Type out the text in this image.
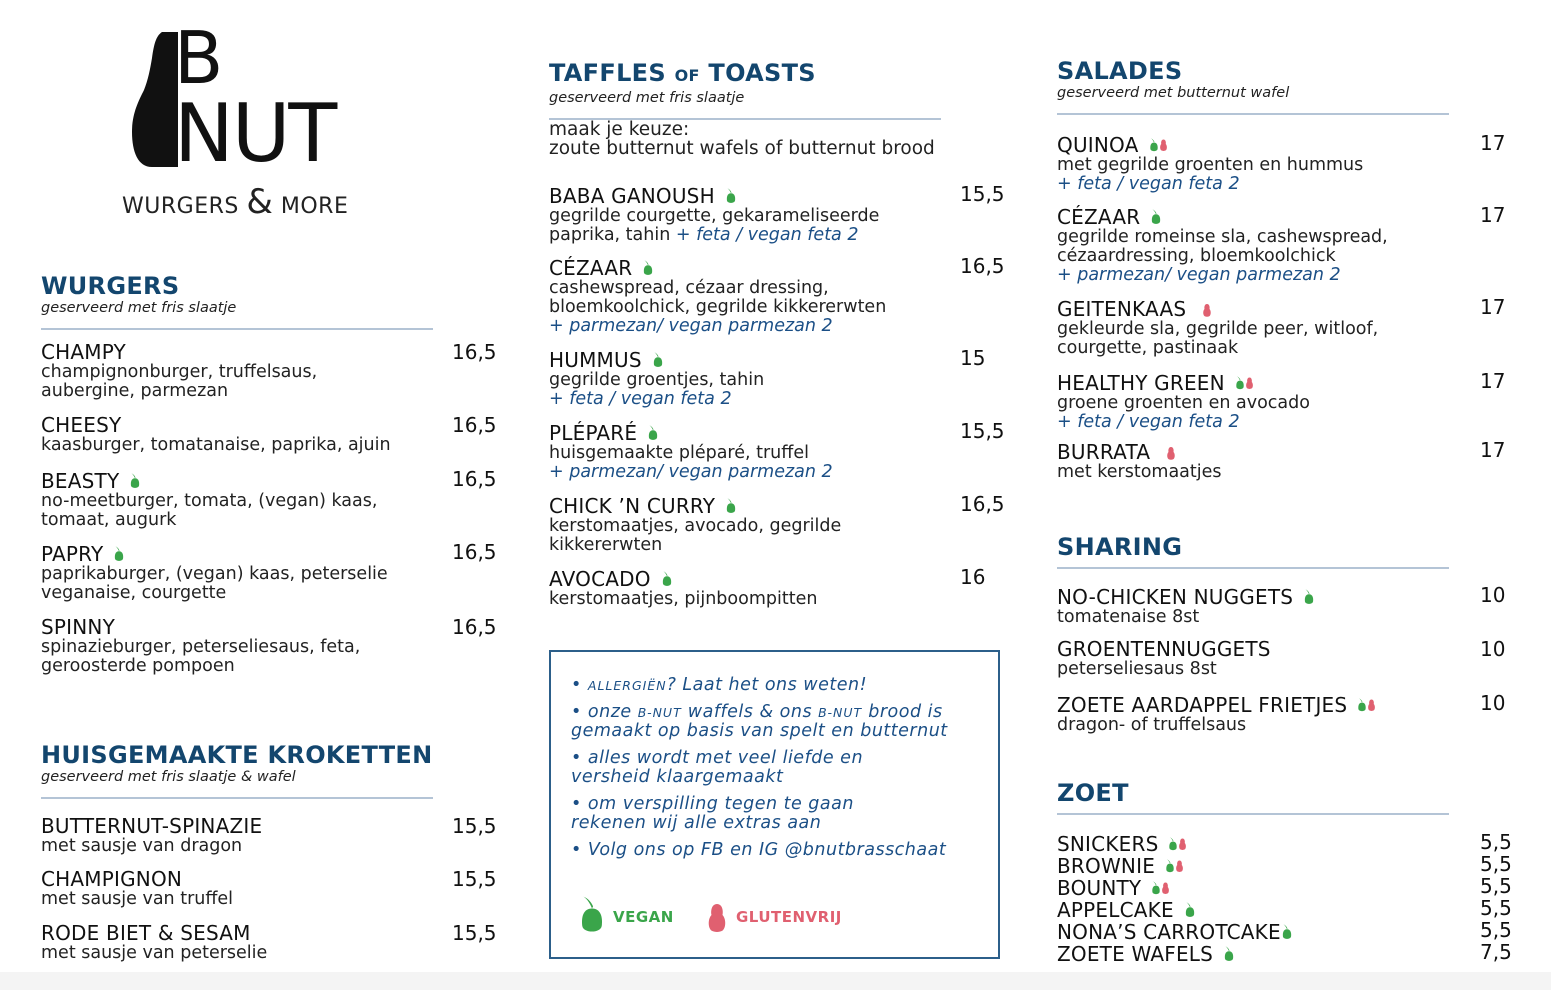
B
NUT
WURGERS & MORE
WURGERS
geserveerd met fris slaatje
CHAMPY
champignonburger, truffelsaus,
aubergine, parmezan
16,5
CHEESY
kaasburger, tomatanaise, paprika, ajuin
16,5
BEASTY
no-meetburger, tomata, (vegan) kaas,
tomaat, augurk
16,5
PAPRY
paprikaburger, (vegan) kaas, peterselie
veganaise, courgette
16,5
SPINNY
spinazieburger, peterseliesaus, feta,
geroosterde pompoen
16,5
HUISGEMAAKTE KROKETTEN
geserveerd met fris slaatje & wafel
BUTTERNUT-SPINAZIE
met sausje van dragon
15,5
CHAMPIGNON
met sausje van truffel
15,5
RODE BIET & SESAM
met sausje van peterselie
15,5
TAFFLES OF TOASTS
geserveerd met fris slaatje
maak je keuze:
zoute butternut wafels of butternut brood
BABA GANOUSH
gegrilde courgette, gekarameliseerde
paprika, tahin + feta / vegan feta 2
15,5
CÉZAAR
cashewspread, cézaar dressing,
bloemkoolchick, gegrilde kikkererwten
+ parmezan/ vegan parmezan 2
16,5
HUMMUS
gegrilde groentjes, tahin
+ feta / vegan feta 2
15
PLÉPARÉ
huisgemaakte pléparé, truffel
+ parmezan/ vegan parmezan 2
15,5
CHICK ’N CURRY
kerstomaatjes, avocado, gegrilde
kikkererwten
16,5
AVOCADO
kerstomaatjes, pijnboompitten
16
• ALLERGIËN? Laat het ons weten!
• onze B-NUT waffels & ons B-NUT brood is
gemaakt op basis van spelt en butternut
• alles wordt met veel liefde en
versheid klaargemaakt
• om verspilling tegen te gaan
rekenen wij alle extras aan
• Volg ons op FB en IG @bnutbrasschaat
VEGAN	GLUTENVRIJ
SALADES
geserveerd met butternut wafel
QUINOA
met gegrilde groenten en hummus
+ feta / vegan feta 2
17
CÉZAAR
gegrilde romeinse sla, cashewspread,
cézaardressing, bloemkoolchick
+ parmezan/ vegan parmezan 2
17
GEITENKAAS
gekleurde sla, gegrilde peer, witloof,
courgette, pastinaak
17
HEALTHY GREEN
groene groenten en avocado
+ feta / vegan feta 2
17
BURRATA
met kerstomaatjes
17
SHARING
NO-CHICKEN NUGGETS
tomatenaise 8st
10
GROENTENNUGGETS
peterseliesaus 8st
10
ZOETE AARDAPPEL FRIETJES
dragon- of truffelsaus
10
ZOET
SNICKERS	5,5
BROWNIE	5,5
BOUNTY	5,5
APPELCAKE	5,5
NONA’S CARROTCAKE	5,5
ZOETE WAFELS	7,5
